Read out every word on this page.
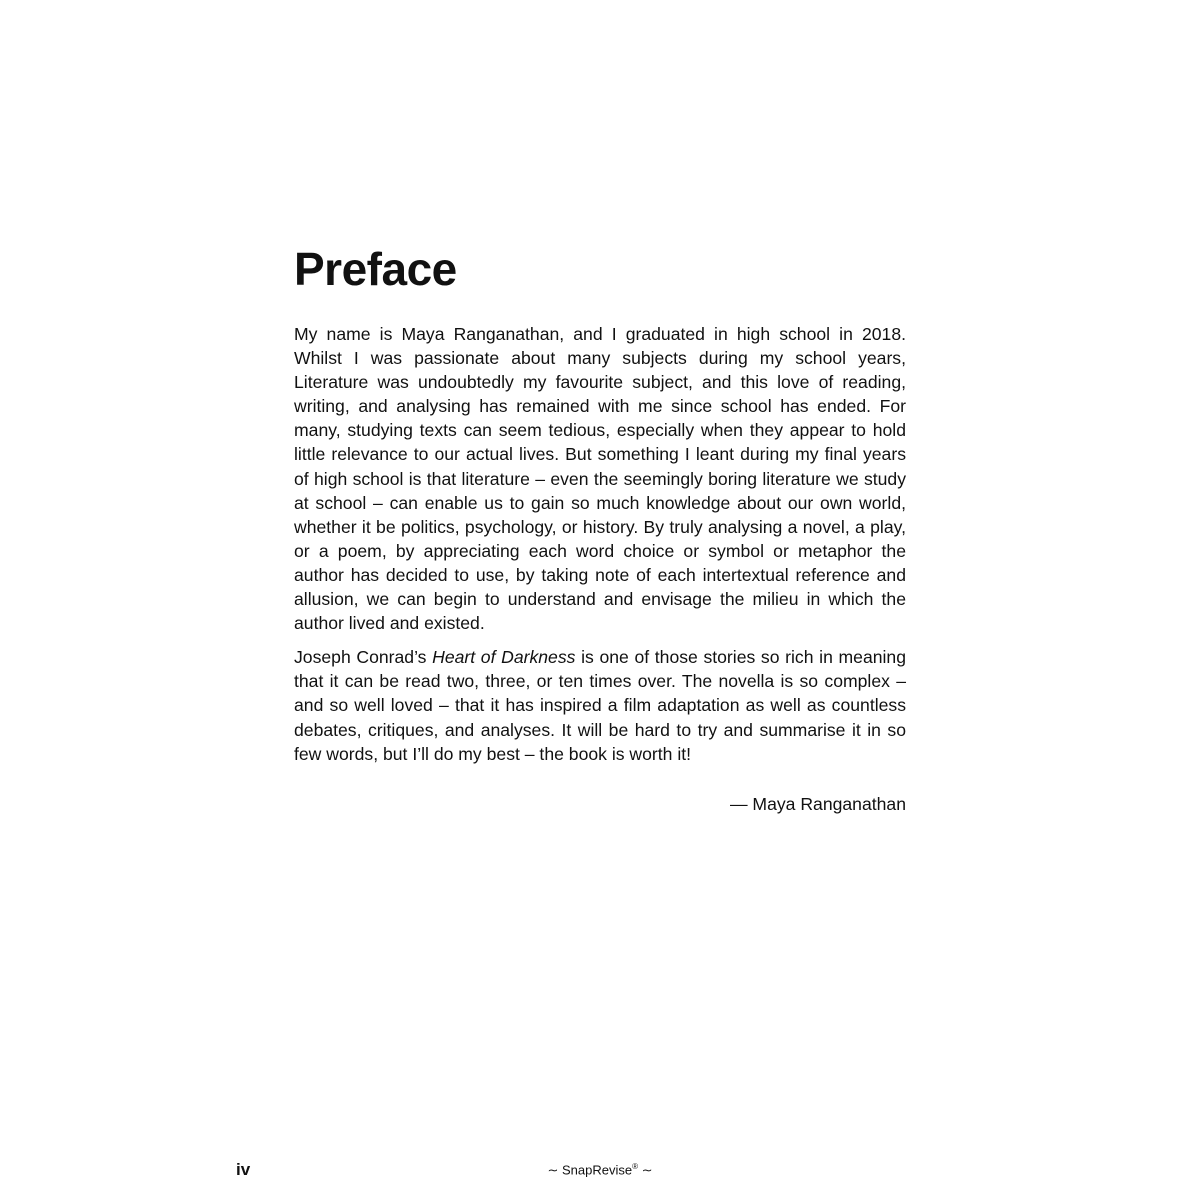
Preface

My name is Maya Ranganathan, and I graduated in high school in 2018. Whilst I was passionate about many subjects during my school years, Literature was undoubtedly my favourite subject, and this love of reading, writing, and analysing has remained with me since school has ended. For many, studying texts can seem tedious, especially when they appear to hold little relevance to our actual lives. But something I leant during my final years of high school is that literature – even the seemingly boring literature we study at school – can enable us to gain so much knowledge about our own world, whether it be politics, psychology, or history. By truly analysing a novel, a play, or a poem, by appreciating each word choice or symbol or metaphor the author has decided to use, by taking note of each intertextual reference and allusion, we can begin to understand and envisage the milieu in which the author lived and existed.

Joseph Conrad’s Heart of Darkness is one of those stories so rich in meaning that it can be read two, three, or ten times over. The novella is so complex – and so well loved – that it has inspired a film adaptation as well as countless debates, critiques, and analyses. It will be hard to try and summarise it in so few words, but I’ll do my best – the book is worth it!

— Maya Ranganathan
iv	∼ SnapRevise® ∼
